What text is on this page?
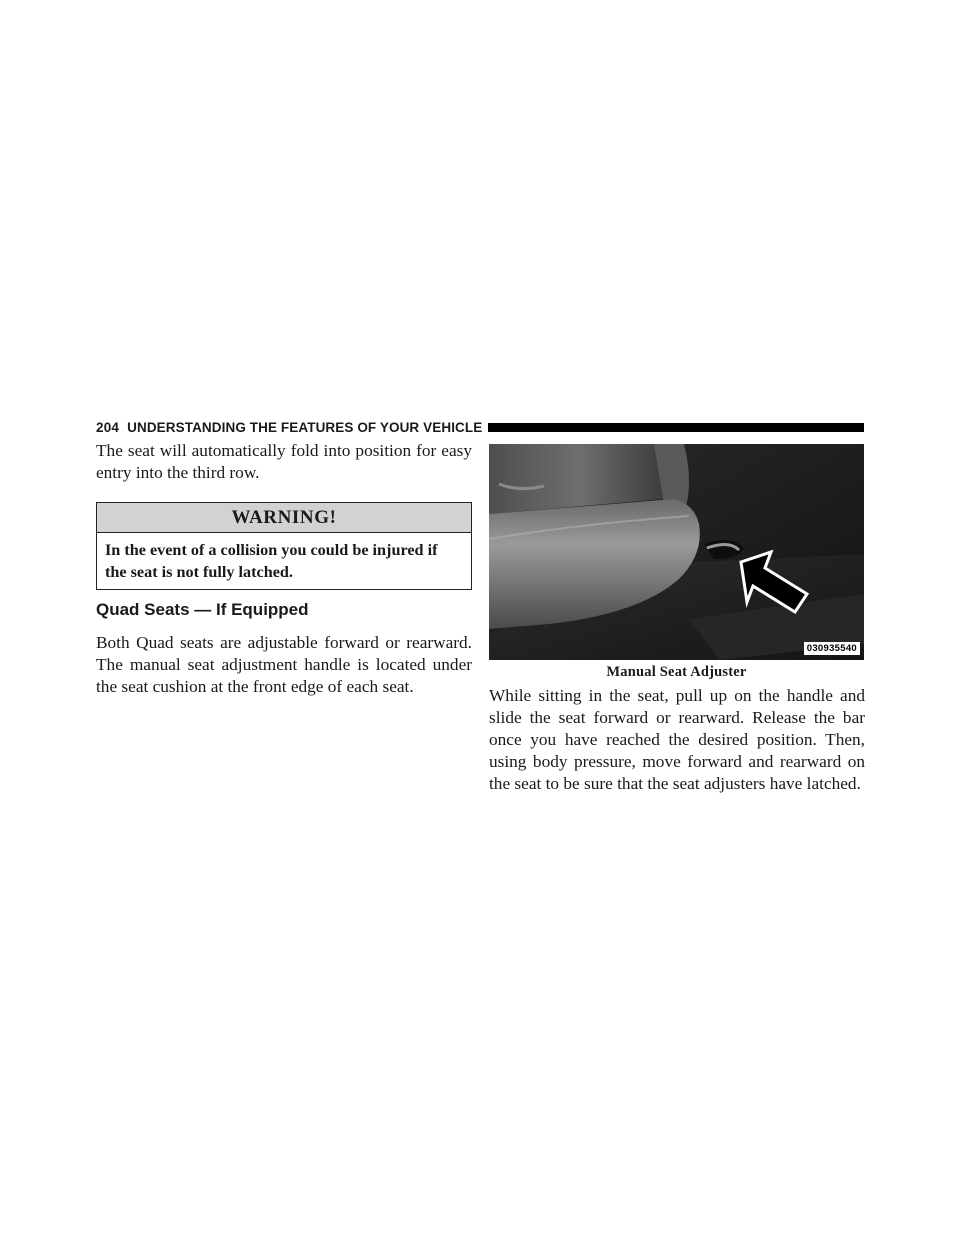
204 UNDERSTANDING THE FEATURES OF YOUR VEHICLE

The seat will automatically fold into position for easy entry into the third row.

WARNING!
In the event of a collision you could be injured if the seat is not fully latched.
Quad Seats — If Equipped

Both Quad seats are adjustable forward or rearward. The manual seat adjustment handle is located under the seat cushion at the front edge of each seat.

030935540
Manual Seat Adjuster

While sitting in the seat, pull up on the handle and slide the seat forward or rearward. Release the bar once you have reached the desired position. Then, using body pressure, move forward and rearward on the seat to be sure that the seat adjusters have latched.
